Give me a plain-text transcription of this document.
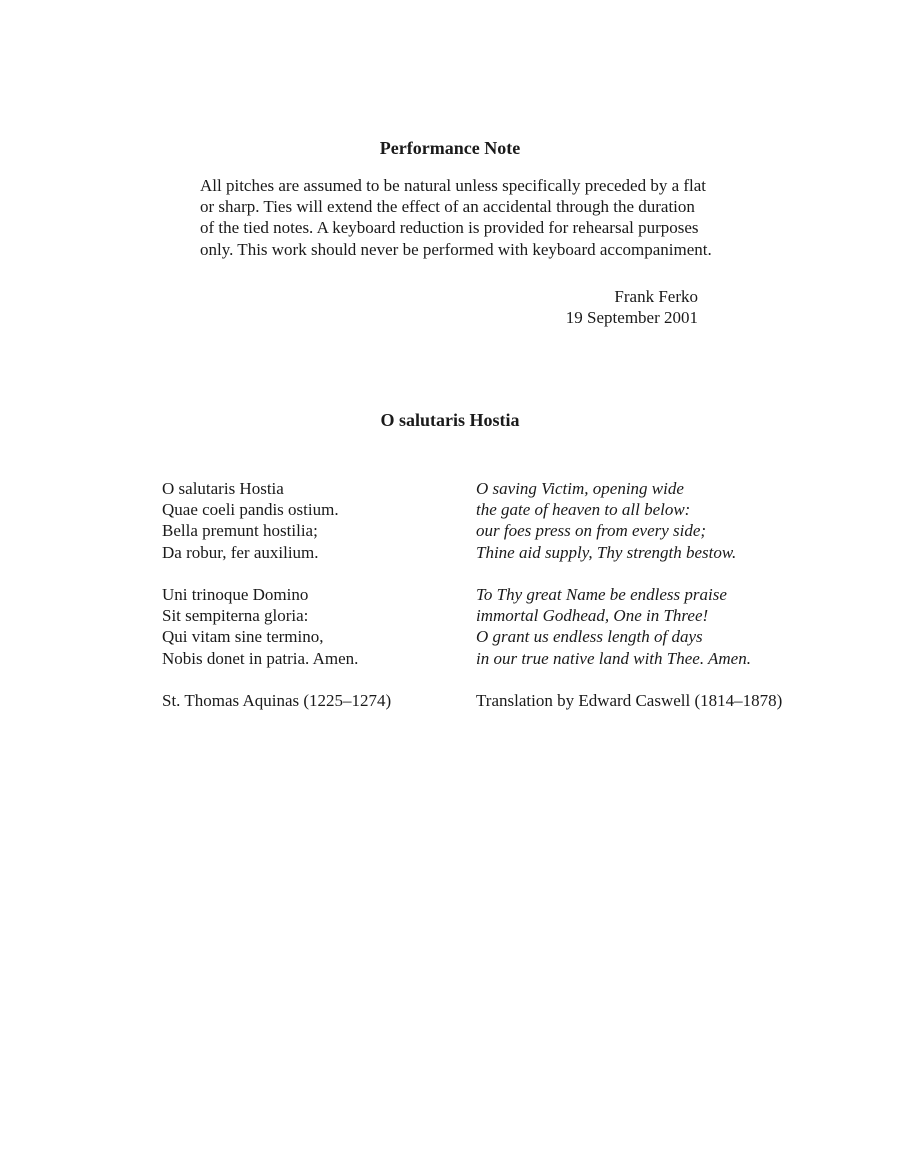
Performance Note

All pitches are assumed to be natural unless specifically preceded by a flat or sharp. Ties will extend the effect of an accidental through the duration of the tied notes. A keyboard reduction is provided for rehearsal purposes only. This work should never be performed with keyboard accompaniment.

Frank Ferko
19 September 2001
O salutaris Hostia
O salutaris Hostia
Quae coeli pandis ostium.
Bella premunt hostilia;
Da robur, fer auxilium.
Uni trinoque Domino
Sit sempiterna gloria:
Qui vitam sine termino,
Nobis donet in patria. Amen.
St. Thomas Aquinas (1225–1274)
O saving Victim, opening wide
the gate of heaven to all below:
our foes press on from every side;
Thine aid supply, Thy strength bestow.
To Thy great Name be endless praise
immortal Godhead, One in Three!
O grant us endless length of days
in our true native land with Thee. Amen.
Translation by Edward Caswell (1814–1878)
